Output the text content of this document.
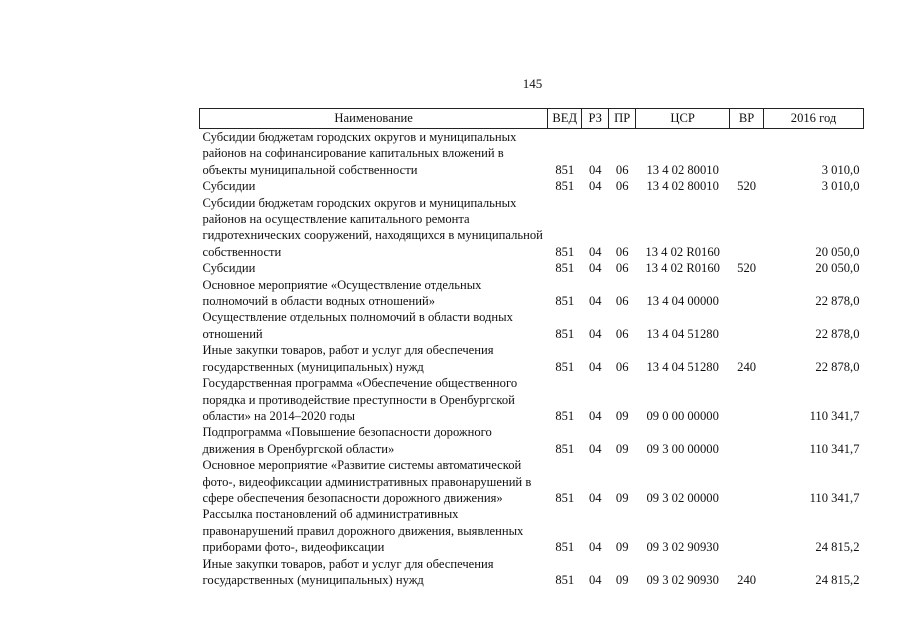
145
Наименование	ВЕД	РЗ	ПР	ЦСР	ВР	2016 год
Субсидии бюджетам городских округов и муниципальных районов на софинансирование капитальных вложений в объекты муниципальной собственности	851	04	06	13 4 02 80010		3 010,0
Субсидии	851	04	06	13 4 02 80010	520	3 010,0
Субсидии бюджетам городских округов и муниципальных районов на осуществление капитального ремонта гидротехнических сооружений, находящихся в муниципальной собственности	851	04	06	13 4 02 R0160		20 050,0
Субсидии	851	04	06	13 4 02 R0160	520	20 050,0
Основное мероприятие «Осуществление отдельных полномочий в области водных отношений»	851	04	06	13 4 04 00000		22 878,0
Осуществление отдельных полномочий в области водных отношений	851	04	06	13 4 04 51280		22 878,0
Иные закупки товаров, работ и услуг для обеспечения государственных (муниципальных) нужд	851	04	06	13 4 04 51280	240	22 878,0
Государственная программа «Обеспечение общественного порядка и противодействие преступности в Оренбургской области» на 2014–2020 годы	851	04	09	09 0 00 00000		110 341,7
Подпрограмма «Повышение безопасности дорожного движения в Оренбургской области»	851	04	09	09 3 00 00000		110 341,7
Основное мероприятие «Развитие системы автоматической фото-, видеофиксации административных правонарушений в сфере обеспечения безопасности дорожного движения»	851	04	09	09 3 02 00000		110 341,7
Рассылка постановлений об административных правонарушений правил дорожного движения, выявленных приборами фото-, видеофиксации	851	04	09	09 3 02 90930		24 815,2
Иные закупки товаров, работ и услуг для обеспечения государственных (муниципальных) нужд	851	04	09	09 3 02 90930	240	24 815,2
